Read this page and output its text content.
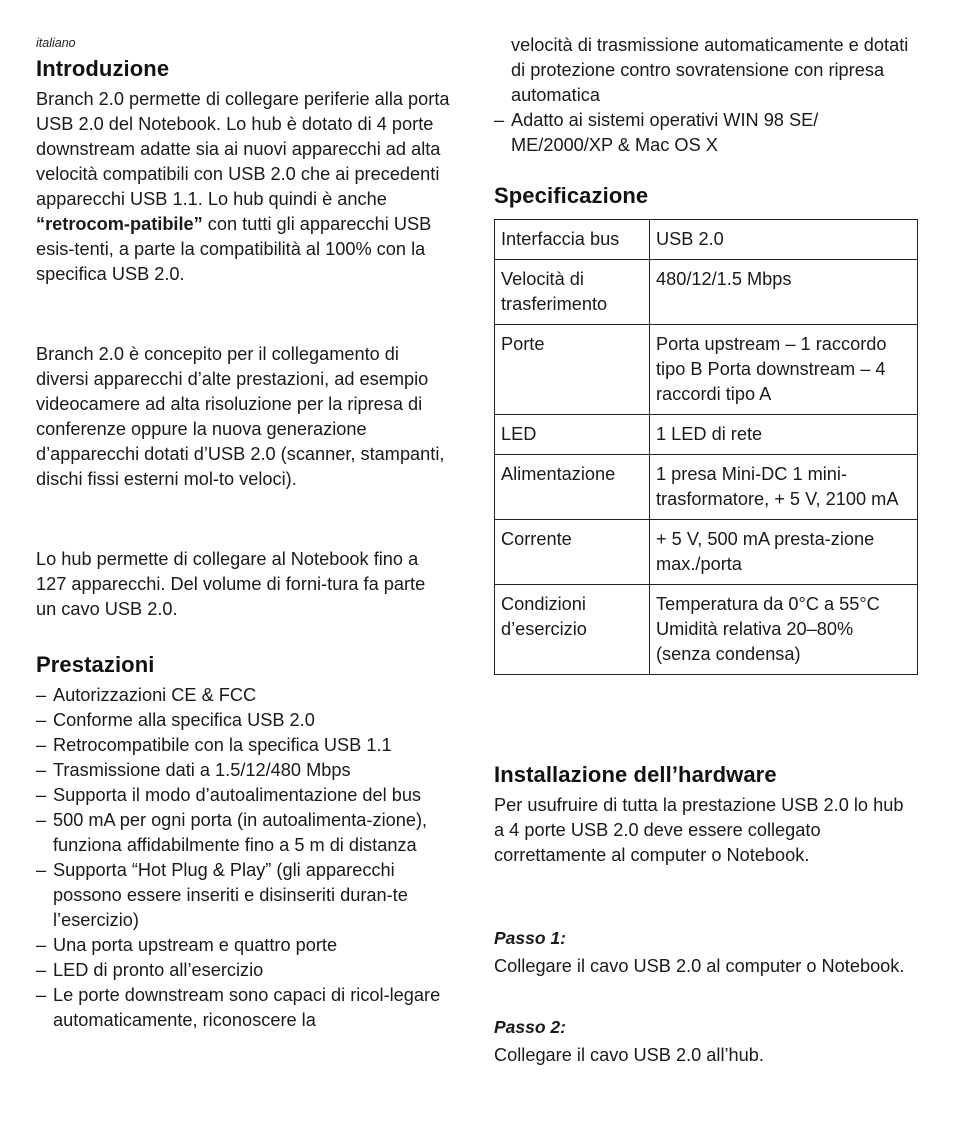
italiano
Introduzione

Branch 2.0 permette di collegare periferie alla porta USB 2.0 del Notebook. Lo hub è dotato di 4 porte downstream adatte sia ai nuovi apparecchi ad alta velocità compatibili con USB 2.0 che ai precedenti apparecchi USB 1.1. Lo hub quindi è anche “retrocom-patibile” con tutti gli apparecchi USB esis-tenti, a parte la compatibilità al 100% con la specifica USB 2.0.

Branch 2.0 è concepito per il collegamento di diversi apparecchi d’alte prestazioni, ad esempio videocamere ad alta risoluzione per la ripresa di conferenze oppure la nuova generazione d’apparecchi dotati d’USB 2.0 (scanner, stampanti, dischi fissi esterni mol-to veloci).

Lo hub permette di collegare al Notebook fino a 127 apparecchi. Del volume di forni-tura fa parte un cavo USB 2.0.

Prestazioni
– Autorizzazioni CE & FCC
– Conforme alla specifica USB 2.0
– Retrocompatibile con la specifica USB 1.1
– Trasmissione dati a 1.5/12/480 Mbps
– Supporta il modo d’autoalimentazione del bus
– 500 mA per ogni porta (in autoalimenta-zione), funziona affidabilmente fino a 5 m di distanza
– Supporta “Hot Plug & Play” (gli apparecchi possono essere inseriti e disinseriti duran-te l’esercizio)
– Una porta upstream e quattro porte
– LED di pronto all’esercizio
– Le porte downstream sono capaci di ricol-legare automaticamente, riconoscere la
velocità di trasmissione automaticamente e dotati di protezione contro sovratensione con ripresa automatica
– Adatto ai sistemi operativi WIN 98 SE/ ME/2000/XP & Mac OS X
Specificazione
Interfaccia bus	USB 2.0
Velocità di trasferimento	480/12/1.5 Mbps
Porte	Porta upstream – 1 raccordo tipo B Porta downstream – 4 raccordi tipo A
LED	1 LED di rete
Alimentazione	1 presa Mini-DC 1 mini-trasformatore, + 5 V, 2100 mA
Corrente	+ 5 V, 500 mA presta-zione max./porta
Condizioni d’esercizio	Temperatura da 0°C a 55°C Umidità relativa 20–80% (senza condensa)
Installazione dell’hardware

Per usufruire di tutta la prestazione USB 2.0 lo hub a 4 porte USB 2.0 deve essere collegato correttamente al computer o Notebook.

Passo 1:

Collegare il cavo USB 2.0 al computer o Notebook.

Passo 2:

Collegare il cavo USB 2.0 all’hub.
